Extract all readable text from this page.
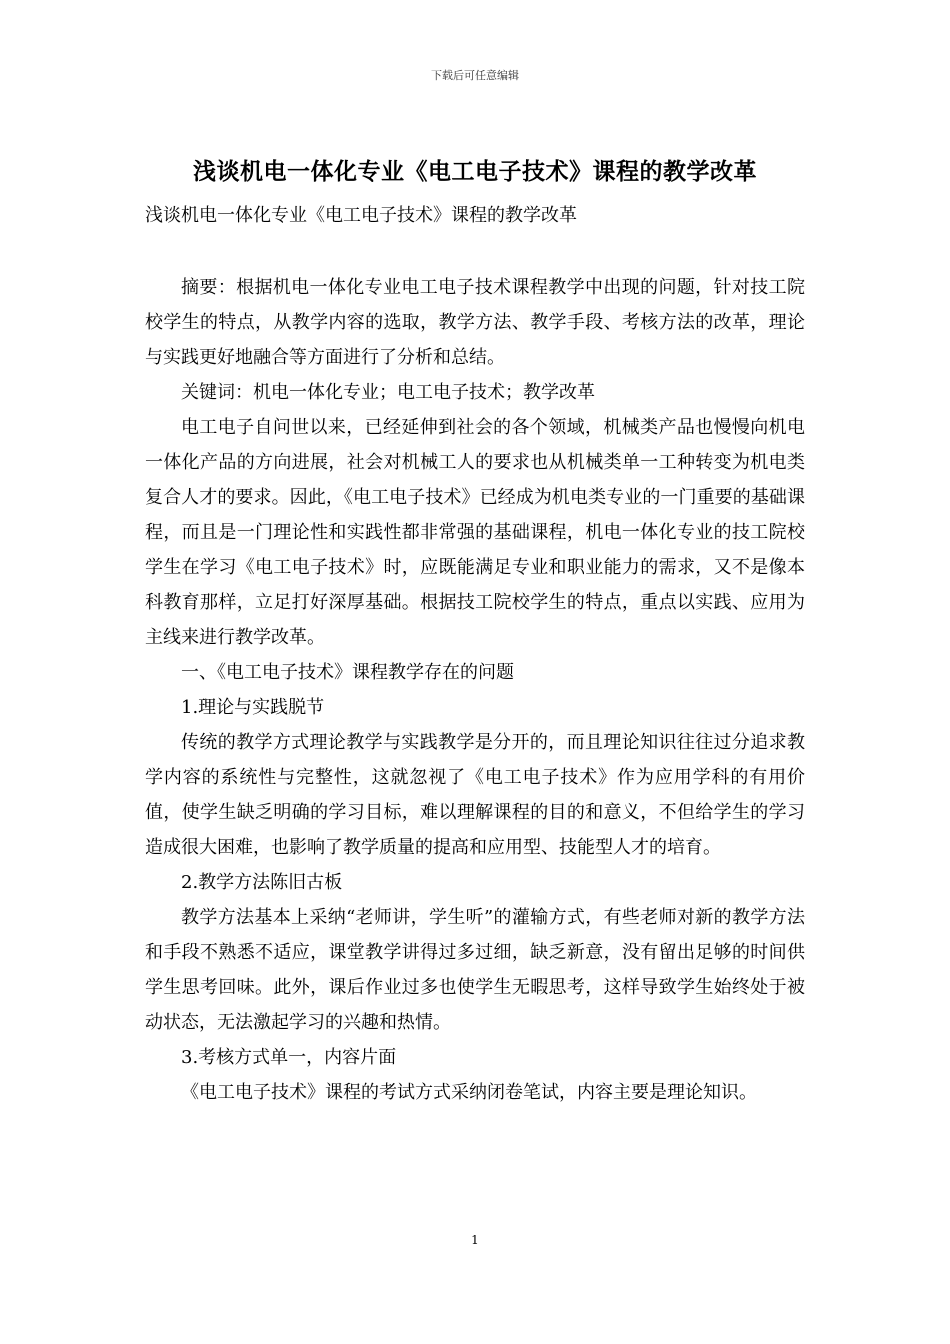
下载后可任意编辑
浅谈机电一体化专业《电工电子技术》课程的教学改革

浅谈机电一体化专业《电工电子技术》课程的教学改革

摘要：根据机电一体化专业电工电子技术课程教学中出现的问题，针对技工院校学生的特点，从教学内容的选取，教学方法、教学手段、考核方法的改革，理论与实践更好地融合等方面进行了分析和总结。

关键词：机电一体化专业；电工电子技术；教学改革

电工电子自问世以来，已经延伸到社会的各个领域，机械类产品也慢慢向机电一体化产品的方向进展，社会对机械工人的要求也从机械类单一工种转变为机电类复合人才的要求。因此，《电工电子技术》已经成为机电类专业的一门重要的基础课程，而且是一门理论性和实践性都非常强的基础课程，机电一体化专业的技工院校学生在学习《电工电子技术》时，应既能满足专业和职业能力的需求，又不是像本科教育那样，立足打好深厚基础。根据技工院校学生的特点，重点以实践、应用为主线来进行教学改革。

一、《电工电子技术》课程教学存在的问题

1.理论与实践脱节

传统的教学方式理论教学与实践教学是分开的，而且理论知识往往过分追求教学内容的系统性与完整性，这就忽视了《电工电子技术》作为应用学科的有用价值，使学生缺乏明确的学习目标，难以理解课程的目的和意义，不但给学生的学习造成很大困难，也影响了教学质量的提高和应用型、技能型人才的培育。

2.教学方法陈旧古板

教学方法基本上采纳“老师讲，学生听”的灌输方式，有些老师对新的教学方法和手段不熟悉不适应，课堂教学讲得过多过细，缺乏新意，没有留出足够的时间供学生思考回味。此外，课后作业过多也使学生无暇思考，这样导致学生始终处于被动状态，无法激起学习的兴趣和热情。

3.考核方式单一，内容片面

《电工电子技术》课程的考试方式采纳闭卷笔试，内容主要是理论知识。

1
